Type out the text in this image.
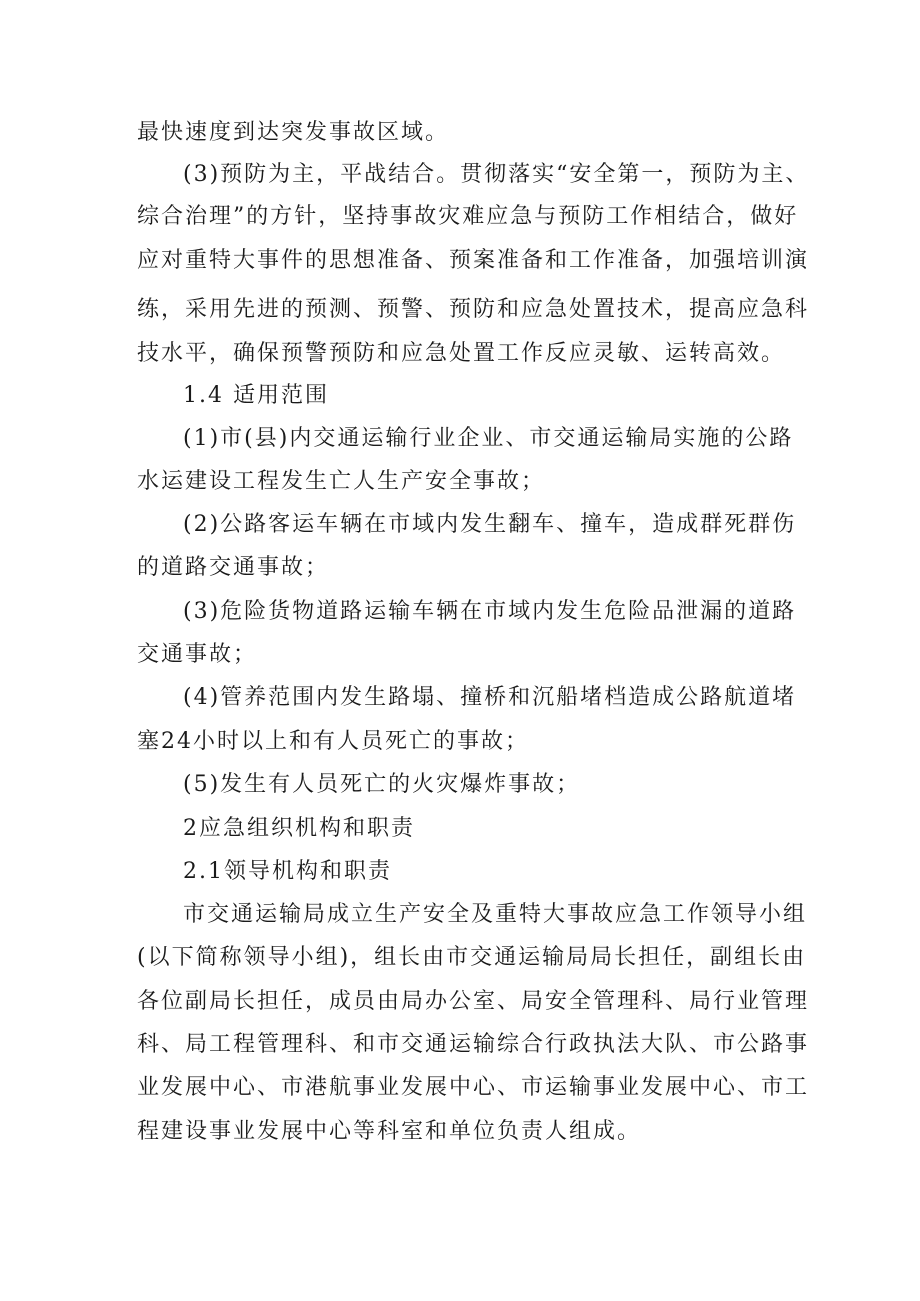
最快速度到达突发事故区域。
(3)预防为主，平战结合。贯彻落实“安全第一，预防为主、
综合治理”的方针，坚持事故灾难应急与预防工作相结合，做好
应对重特大事件的思想准备、预案准备和工作准备，加强培训演
练，采用先进的预测、预警、预防和应急处置技术，提高应急科
技水平，确保预警预防和应急处置工作反应灵敏、运转高效。
1.4 适用范围
(1)市(县)内交通运输行业企业、市交通运输局实施的公路
水运建设工程发生亡人生产安全事故；
(2)公路客运车辆在市域内发生翻车、撞车，造成群死群伤
的道路交通事故；
(3)危险货物道路运输车辆在市域内发生危险品泄漏的道路
交通事故；
(4)管养范围内发生路塌、撞桥和沉船堵档造成公路航道堵
塞24小时以上和有人员死亡的事故；
(5)发生有人员死亡的火灾爆炸事故；
2应急组织机构和职责
2.1领导机构和职责
市交通运输局成立生产安全及重特大事故应急工作领导小组
(以下简称领导小组)，组长由市交通运输局局长担任，副组长由
各位副局长担任，成员由局办公室、局安全管理科、局行业管理
科、局工程管理科、和市交通运输综合行政执法大队、市公路事
业发展中心、市港航事业发展中心、市运输事业发展中心、市工
程建设事业发展中心等科室和单位负责人组成。
